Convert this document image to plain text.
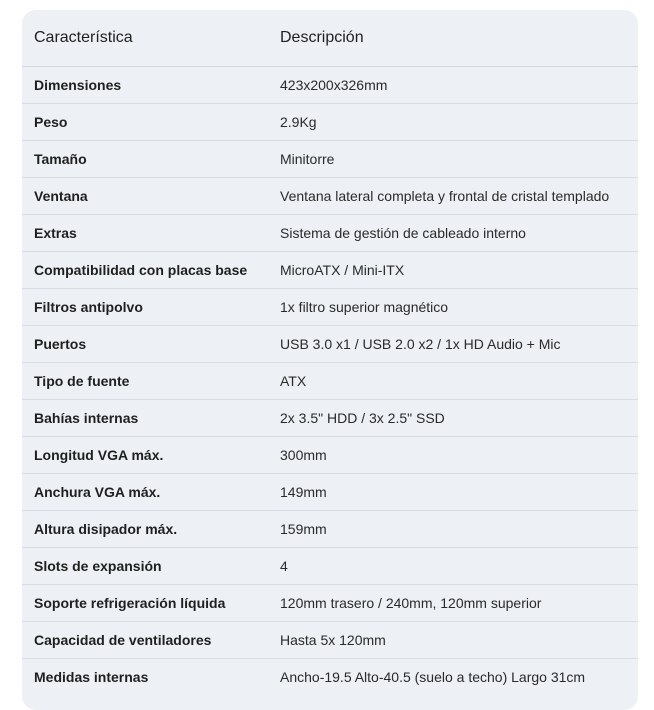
Característica	Descripción
Dimensiones	423x200x326mm
Peso	2.9Kg
Tamaño	Minitorre
Ventana	Ventana lateral completa y frontal de cristal templado
Extras	Sistema de gestión de cableado interno
Compatibilidad con placas base	MicroATX / Mini-ITX
Filtros antipolvo	1x filtro superior magnético
Puertos	USB 3.0 x1 / USB 2.0 x2 / 1x HD Audio + Mic
Tipo de fuente	ATX
Bahías internas	2x 3.5" HDD / 3x 2.5" SSD
Longitud VGA máx.	300mm
Anchura VGA máx.	149mm
Altura disipador máx.	159mm
Slots de expansión	4
Soporte refrigeración líquida	120mm trasero / 240mm, 120mm superior
Capacidad de ventiladores	Hasta 5x 120mm
Medidas internas	Ancho-19.5 Alto-40.5 (suelo a techo) Largo 31cm
